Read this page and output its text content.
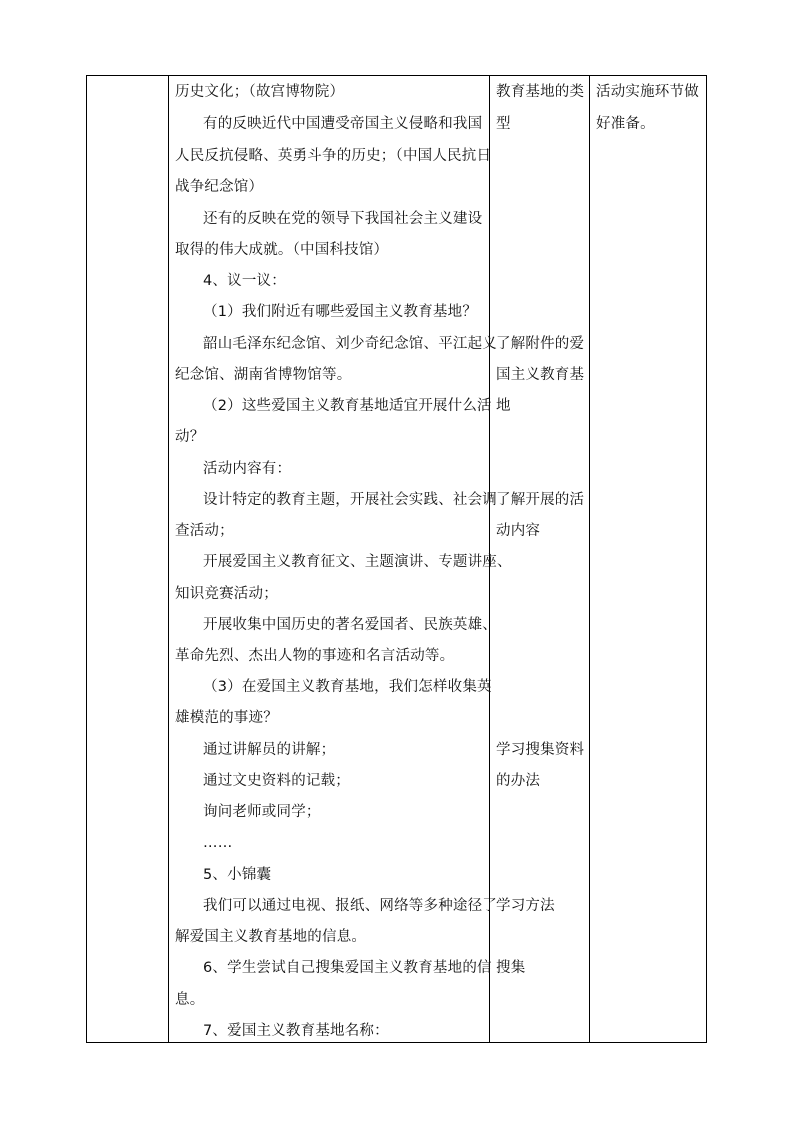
历史文化；（故宫博物院）
有的反映近代中国遭受帝国主义侵略和我国
人民反抗侵略、英勇斗争的历史；（中国人民抗日
战争纪念馆）
还有的反映在党的领导下我国社会主义建设
取得的伟大成就。（中国科技馆）
4、议一议：
（1）我们附近有哪些爱国主义教育基地？
韶山毛泽东纪念馆、刘少奇纪念馆、平江起义
纪念馆、湖南省博物馆等。
（2）这些爱国主义教育基地适宜开展什么活
动？
活动内容有：
设计特定的教育主题，开展社会实践、社会调
查活动；
开展爱国主义教育征文、主题演讲、专题讲座、
知识竞赛活动；
开展收集中国历史的著名爱国者、民族英雄、
革命先烈、杰出人物的事迹和名言活动等。
（3）在爱国主义教育基地，我们怎样收集英
雄模范的事迹？
通过讲解员的讲解；
通过文史资料的记载；
询问老师或同学；
……
5、小锦囊
我们可以通过电视、报纸、网络等多种途径了
解爱国主义教育基地的信息。
6、学生尝试自己搜集爱国主义教育基地的信
息。
7、爱国主义教育基地名称：
教育基地的类
型
了解附件的爱
国主义教育基
地
了解开展的活
动内容
学习搜集资料
的办法
学习方法
搜集
活动实施环节做
好准备。
